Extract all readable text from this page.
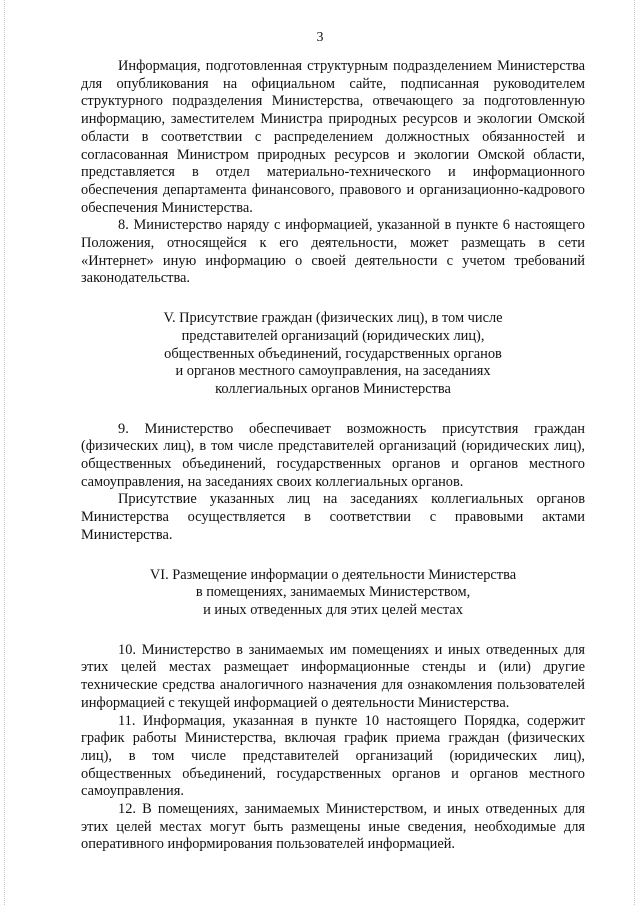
3

Информация, подготовленная структурным подразделением Министерства для опубликования на официальном сайте, подписанная руководителем структурного подразделения Министерства, отвечающего за подготовленную информацию, заместителем Министра природных ресурсов и экологии Омской области в соответствии с распределением должностных обязанностей и согласованная Министром природных ресурсов и экологии Омской области, представляется в отдел материально-технического и информационного обеспечения департамента финансового, правового и организационно-кадрового обеспечения Министерства.

8. Министерство наряду с информацией, указанной в пункте 6 настоящего Положения, относящейся к его деятельности, может размещать в сети «Интернет» иную информацию о своей деятельности с учетом требований законодательства.

V. Присутствие граждан (физических лиц), в том числе
представителей организаций (юридических лиц),
общественных объединений, государственных органов
и органов местного самоуправления, на заседаниях
коллегиальных органов Министерства

9. Министерство обеспечивает возможность присутствия граждан (физических лиц), в том числе представителей организаций (юридических лиц), общественных объединений, государственных органов и органов местного самоуправления, на заседаниях своих коллегиальных органов.

Присутствие указанных лиц на заседаниях коллегиальных органов Министерства осуществляется в соответствии с правовыми актами Министерства.

VI. Размещение информации о деятельности Министерства
в помещениях, занимаемых Министерством,
и иных отведенных для этих целей местах

10. Министерство в занимаемых им помещениях и иных отведенных для этих целей местах размещает информационные стенды и (или) другие технические средства аналогичного назначения для ознакомления пользователей информацией с текущей информацией о деятельности Министерства.

11. Информация, указанная в пункте 10 настоящего Порядка, содержит график работы Министерства, включая график приема граждан (физических лиц), в том числе представителей организаций (юридических лиц), общественных объединений, государственных органов и органов местного самоуправления.

12. В помещениях, занимаемых Министерством, и иных отведенных для этих целей местах могут быть размещены иные сведения, необходимые для оперативного информирования пользователей информацией.
